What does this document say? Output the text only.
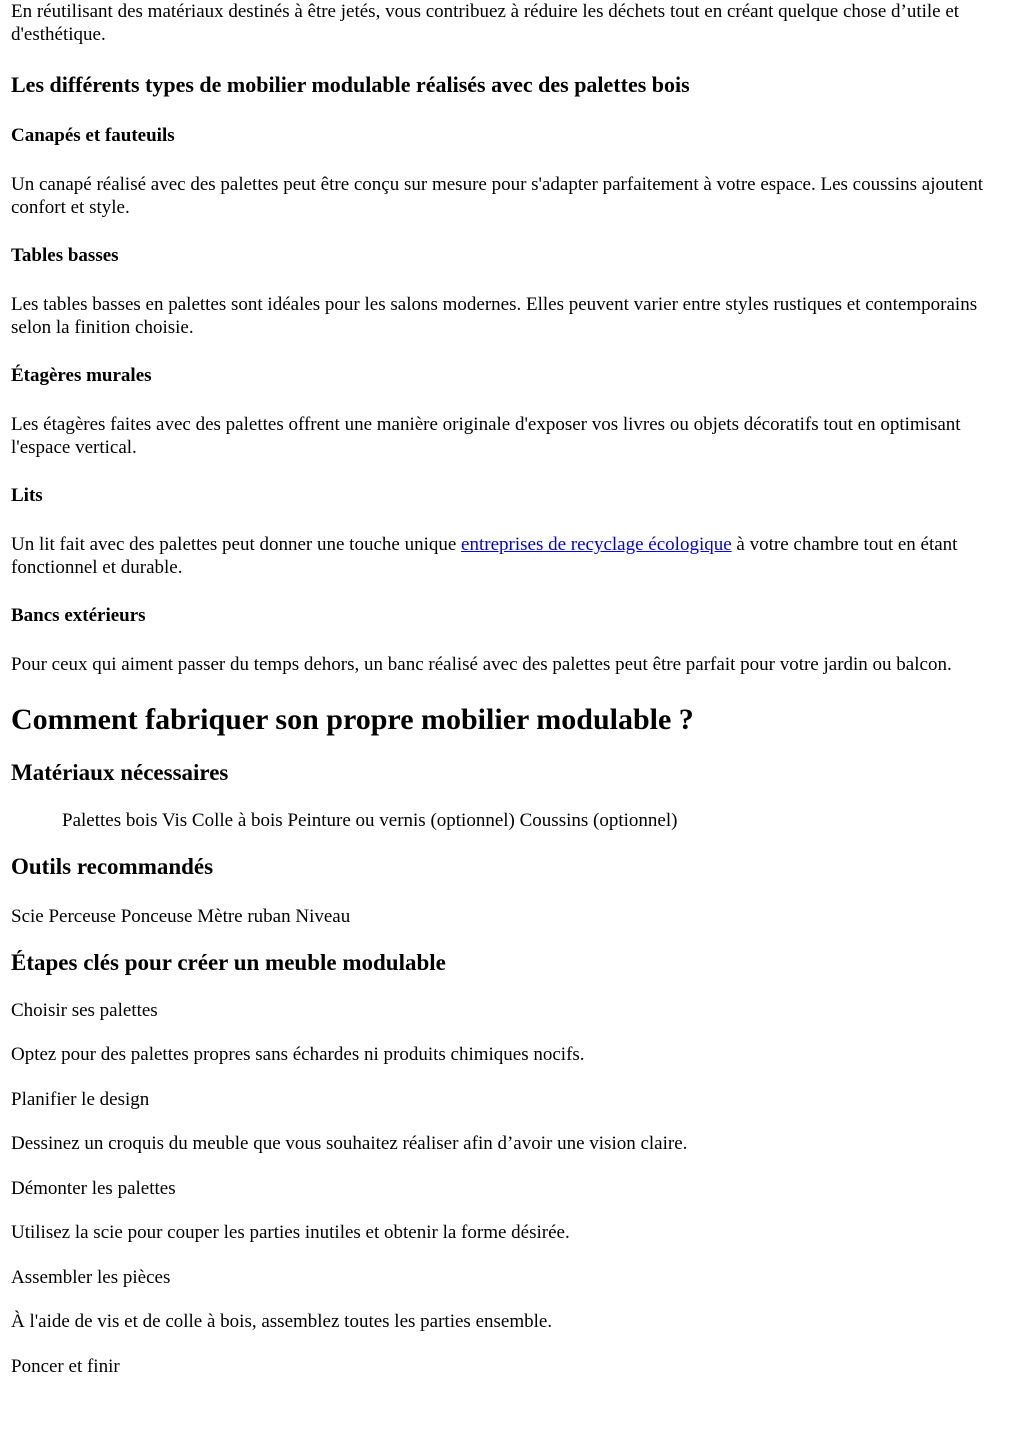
En réutilisant des matériaux destinés à être jetés, vous contribuez à réduire les déchets tout en créant quelque chose d’utile et d'esthétique.

Les différents types de mobilier modulable réalisés avec des palettes bois
Canapés et fauteuils

Un canapé réalisé avec des palettes peut être conçu sur mesure pour s'adapter parfaitement à votre espace. Les coussins ajoutent confort et style.

Tables basses

Les tables basses en palettes sont idéales pour les salons modernes. Elles peuvent varier entre styles rustiques et contemporains selon la finition choisie.

Étagères murales

Les étagères faites avec des palettes offrent une manière originale d'exposer vos livres ou objets décoratifs tout en optimisant l'espace vertical.

Lits

Un lit fait avec des palettes peut donner une touche unique entreprises de recyclage écologique à votre chambre tout en étant fonctionnel et durable.

Bancs extérieurs

Pour ceux qui aiment passer du temps dehors, un banc réalisé avec des palettes peut être parfait pour votre jardin ou balcon.

Comment fabriquer son propre mobilier modulable ?
Matériaux nécessaires

Palettes bois Vis Colle à bois Peinture ou vernis (optionnel) Coussins (optionnel)

Outils recommandés

Scie Perceuse Ponceuse Mètre ruban Niveau

Étapes clés pour créer un meuble modulable

Choisir ses palettes

Optez pour des palettes propres sans échardes ni produits chimiques nocifs.

Planifier le design

Dessinez un croquis du meuble que vous souhaitez réaliser afin d’avoir une vision claire.

Démonter les palettes

Utilisez la scie pour couper les parties inutiles et obtenir la forme désirée.

Assembler les pièces

À l'aide de vis et de colle à bois, assemblez toutes les parties ensemble.

Poncer et finir
